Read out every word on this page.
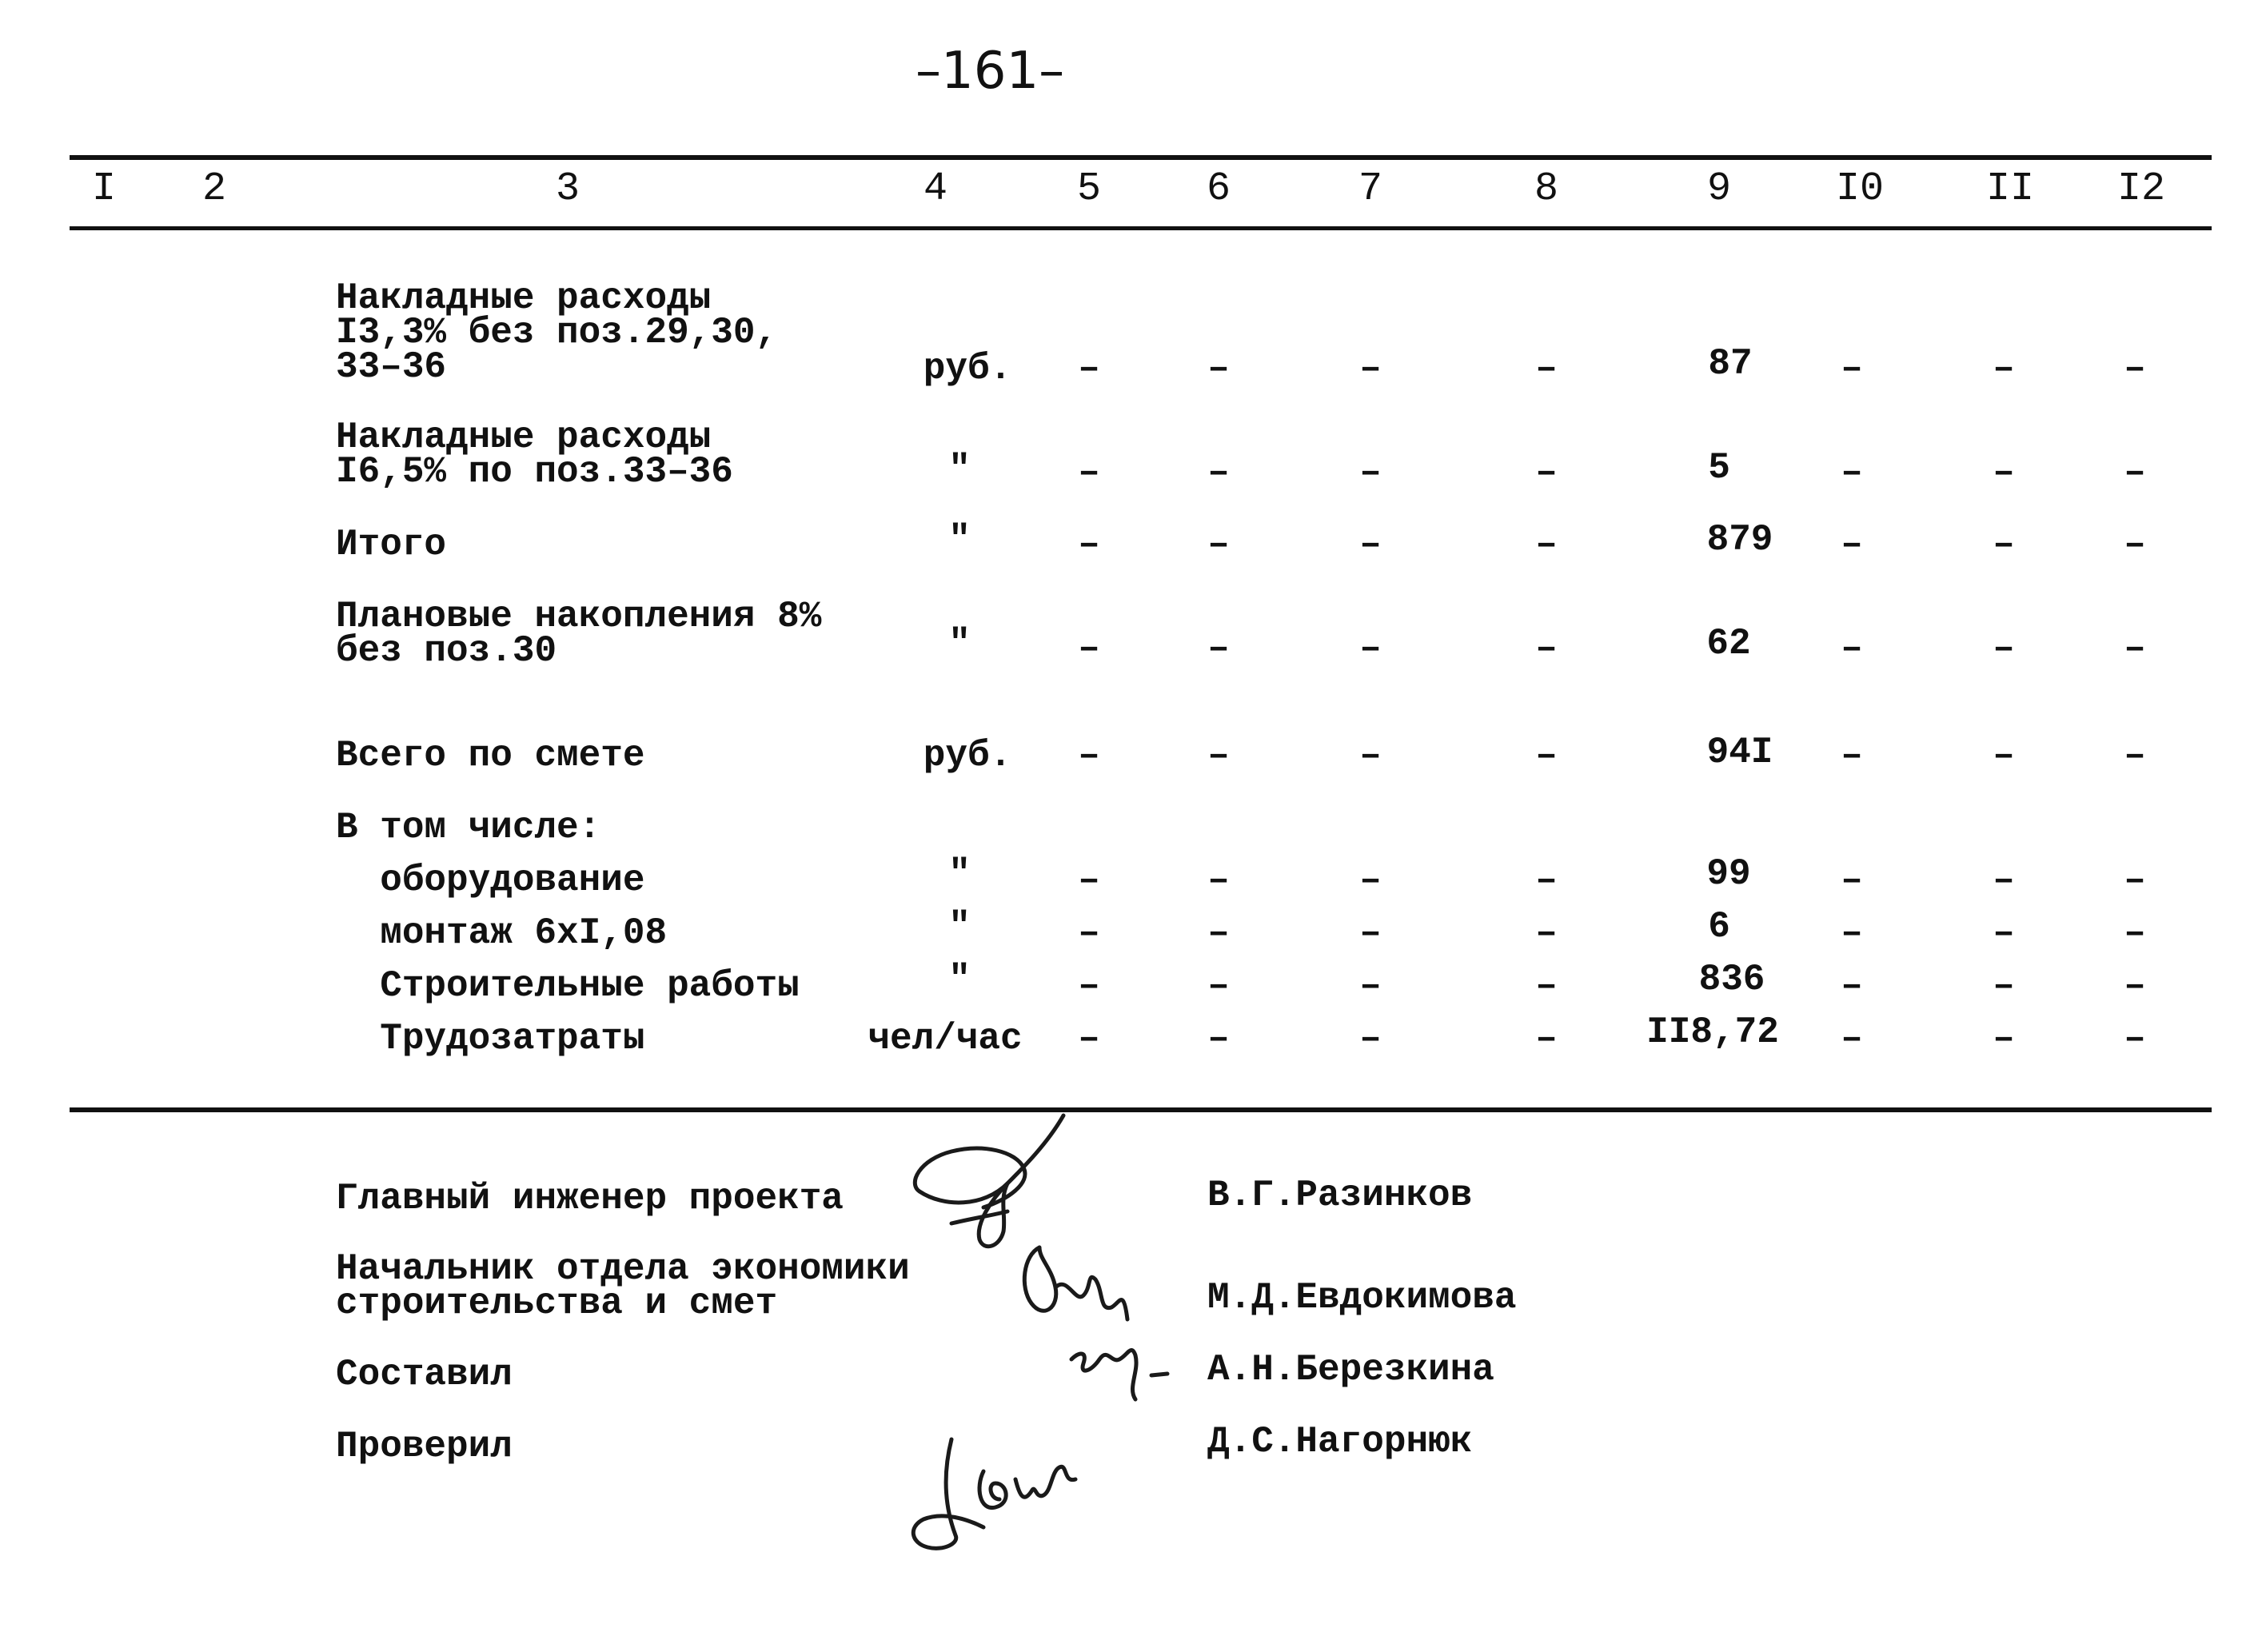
–161–
I 2	3	4	5	6	7	8	9	I0	II I2
Накладные расходы
I3,3% без поз.29,30,
33–36	руб. –	–	–	–	87 –	–	–
Накладные расходы
I6,5% по поз.33–36	"	–	–	–	–	5	–	–	–
Итого	"	–	–	–	–	879 –	–	–
Плановые накопления 8%
без поз.30	"	–	–	–	–	62 –	–	–
Всего по смете	руб. –	–	–	–	94I –	–	–
В том числе:
оборудование	"	–	–	–	–	99 –	–	–
монтаж 6хI,08	"	–	–	–	–	6	–	–	–
Строительные работы	"	–	–	–	–	836 –	–	–
Трудозатраты	чел/час –	–	–	– II8,72 –	–	–
Главный инженер проекта	В.Г.Разинков
Начальник отдела экономики
строительства и смет	М.Д.Евдокимова
Составил	А.Н.Березкина
Проверил	Д.С.Нагорнюк
